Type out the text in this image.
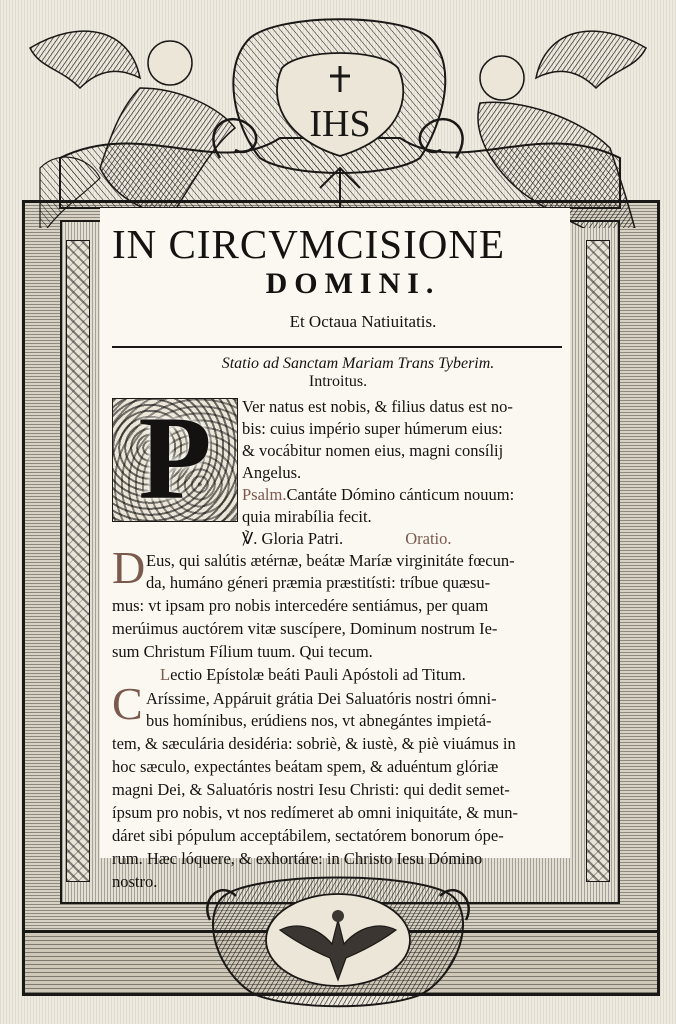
IHS
IN CIRCVMCISIONE
DOMINI.
Et Octaua Natiuitatis.
Statio ad Sanctam Mariam Trans Tyberim.
Introitus.
P	Ver natus est nobis, & filius datus est no-
bis: cuius império super húmerum eius:
& vocábitur nomen eius, magni consílij
Angelus.
Psalm.Cantáte Dómino cánticum nouum:
quia mirabília fecit.
℣. Gloria Patri.	Oratio.
D Eus, qui salútis ætérnæ, beátæ Maríæ virginitáte fœcun-
da, humáno géneri præmia præstitísti: tríbue quæsu-
mus: vt ipsam pro nobis intercedére sentiámus, per quam
merúimus auctórem vitæ suscípere, Dominum nostrum Ie-
sum Christum Fílium tuum. Qui tecum.
Lectio Epístolæ beáti Pauli Apóstoli ad Titum.
C Aríssime, Appáruit grátia Dei Saluatóris nostri ómni-
bus homínibus, erúdiens nos, vt abnegántes impietá-
tem, & sæculária desidéria: sobriè, & iustè, & piè viuámus in
hoc sæculo, expectántes beátam spem, & aduéntum glóriæ
magni Dei, & Saluatóris nostri Iesu Christi: qui dedit semet-
ípsum pro nobis, vt nos redímeret ab omni iniquitáte, & mun-
dáret sibi pópulum acceptábilem, sectatórem bonorum ópe-
rum. Hæc lóquere, & exhortáre: in Christo Iesu Dómino
nostro.
